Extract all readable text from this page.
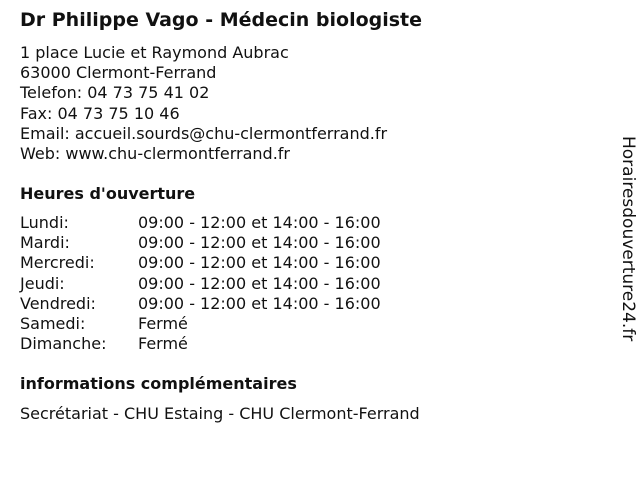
Dr Philippe Vago - Médecin biologiste
1 place Lucie et Raymond Aubrac
63000 Clermont-Ferrand
Telefon: 04 73 75 41 02
Fax: 04 73 75 10 46
Email: accueil.sourds@chu-clermontferrand.fr
Web: www.chu-clermontferrand.fr
Heures d'ouverture
Lundi:	09:00 - 12:00 et 14:00 - 16:00
Mardi:	09:00 - 12:00 et 14:00 - 16:00
Mercredi:	09:00 - 12:00 et 14:00 - 16:00
Jeudi:	09:00 - 12:00 et 14:00 - 16:00
Vendredi:	09:00 - 12:00 et 14:00 - 16:00
Samedi:	Fermé
Dimanche:	Fermé
informations complémentaires
Secrétariat - CHU Estaing - CHU Clermont-Ferrand
Horairesdouverture24.fr
